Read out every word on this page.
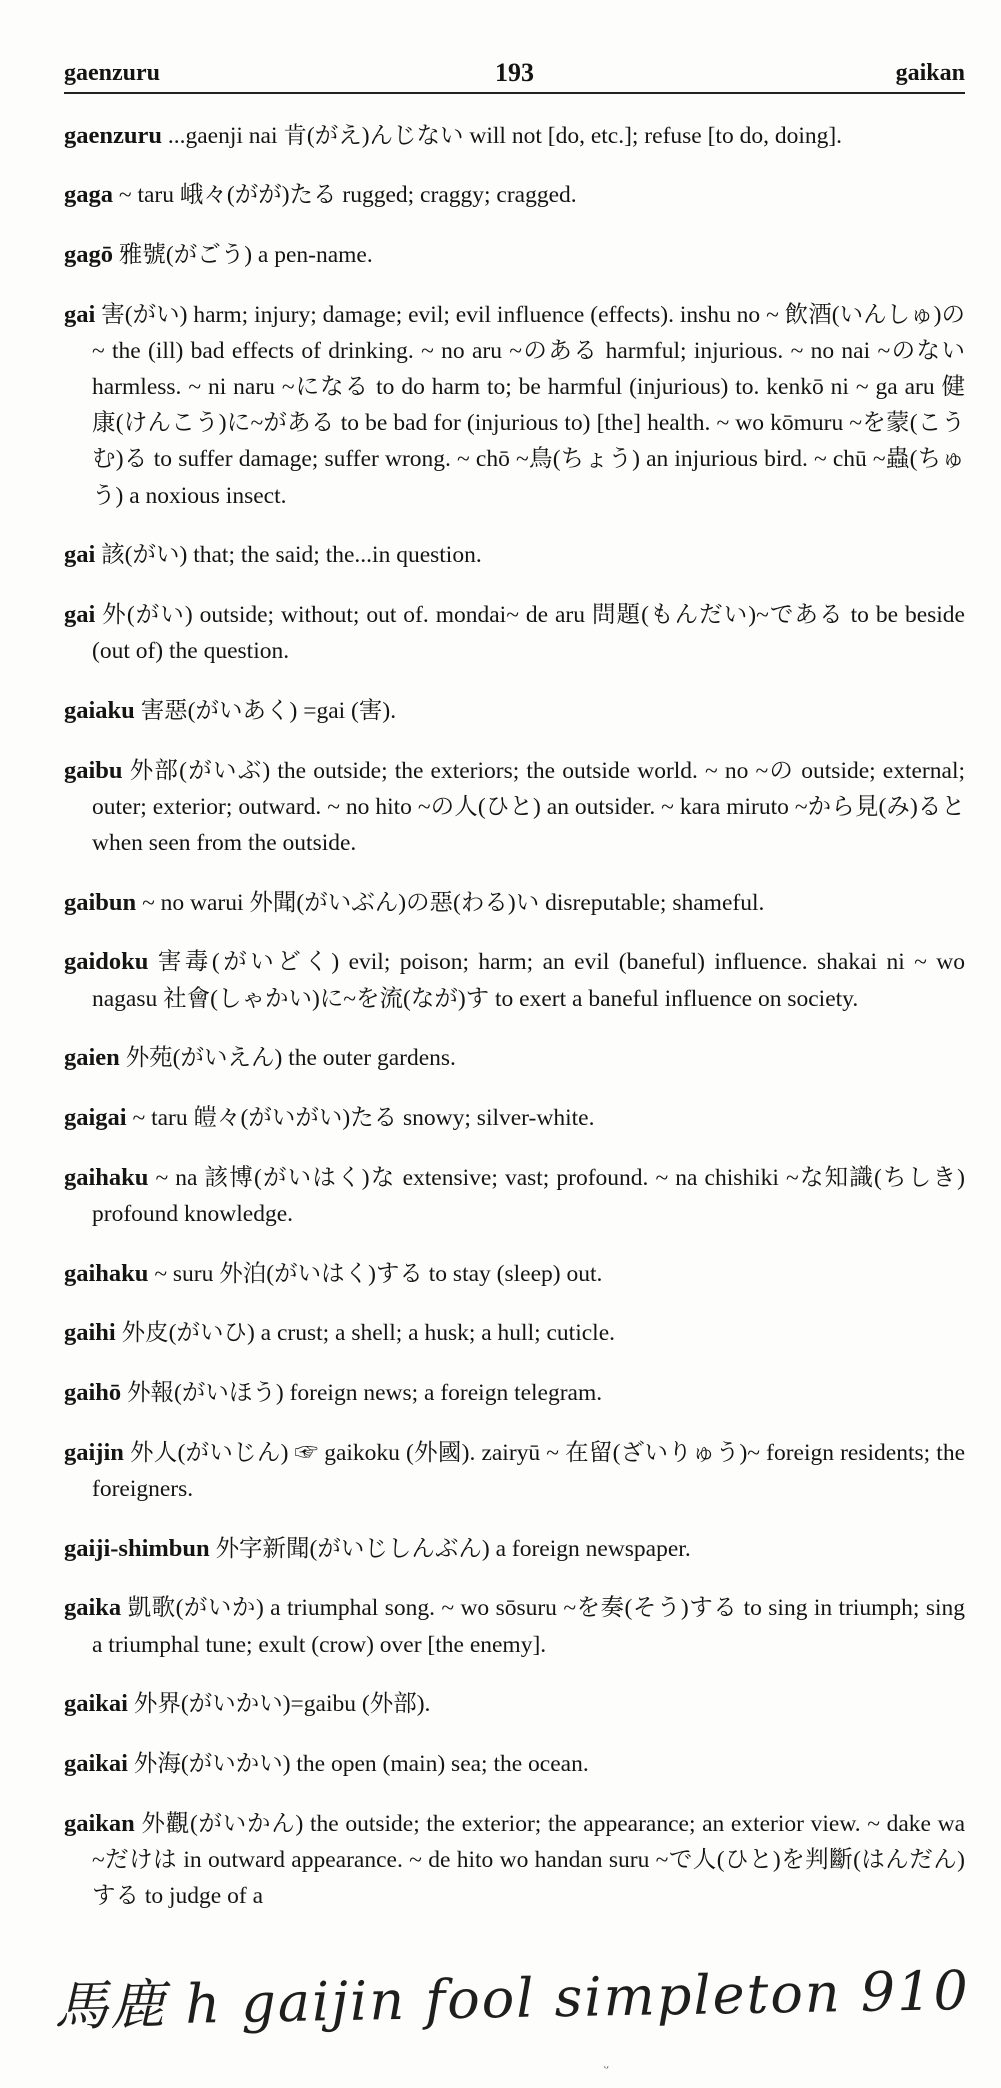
gaenzuru	193	gaikan

gaenzuru ...gaenji nai 肯(がえ)んじない will not [do, etc.]; refuse [to do, doing].

gaga ~ taru 峨々(がが)たる rugged; craggy; cragged.

gagō 雅號(がごう) a pen-name.

gai 害(がい) harm; injury; damage; evil; evil influence (effects). inshu no ~ 飲酒(いんしゅ)の~ the (ill) bad effects of drinking. ~ no aru ~のある harmful; injurious. ~ no nai ~のない harmless. ~ ni naru ~になる to do harm to; be harmful (injurious) to. kenkō ni ~ ga aru 健康(けんこう)に~がある to be bad for (injurious to) [the] health. ~ wo kōmuru ~を蒙(こうむ)る to suffer damage; suffer wrong. ~ chō ~鳥(ちょう) an injurious bird. ~ chū ~蟲(ちゅう) a noxious insect.

gai 該(がい) that; the said; the...in question.

gai 外(がい) outside; without; out of. mondai~ de aru 問題(もんだい)~である to be beside (out of) the question.

gaiaku 害惡(がいあく) =gai (害).

gaibu 外部(がいぶ) the outside; the exteriors; the outside world. ~ no ~の outside; external; outer; exterior; outward. ~ no hito ~の人(ひと) an outsider. ~ kara miruto ~から見(み)ると when seen from the outside.

gaibun ~ no warui 外聞(がいぶん)の惡(わる)い disreputable; shameful.

gaidoku 害毒(がいどく) evil; poison; harm; an evil (baneful) influence. shakai ni ~ wo nagasu 社會(しゃかい)に~を流(なが)す to exert a baneful influence on society.

gaien 外苑(がいえん) the outer gardens.

gaigai ~ taru 皚々(がいがい)たる snowy; silver-white.

gaihaku ~ na 該博(がいはく)な extensive; vast; profound. ~ na chishiki ~な知識(ちしき) profound knowledge.

gaihaku ~ suru 外泊(がいはく)する to stay (sleep) out.

gaihi 外皮(がいひ) a crust; a shell; a husk; a hull; cuticle.

gaihō 外報(がいほう) foreign news; a foreign telegram.

gaijin 外人(がいじん) ☞ gaikoku (外國). zairyū ~ 在留(ざいりゅう)~ foreign residents; the foreigners.

gaiji-shimbun 外字新聞(がいじしんぶん) a foreign newspaper.

gaika 凱歌(がいか) a triumphal song. ~ wo sōsuru ~を奏(そう)する to sing in triumph; sing a triumphal tune; exult (crow) over [the enemy].

gaikai 外界(がいかい)=gaibu (外部).

gaikai 外海(がいかい) the open (main) sea; the ocean.

gaikan 外觀(がいかん) the outside; the exterior; the appearance; an exterior view. ~ dake wa ~だけは in outward appearance. ~ de hito wo handan suru ~で人(ひと)を判斷(はんだん)する to judge of a

馬鹿 h gaijin fool simpleton 910
ᵕ
